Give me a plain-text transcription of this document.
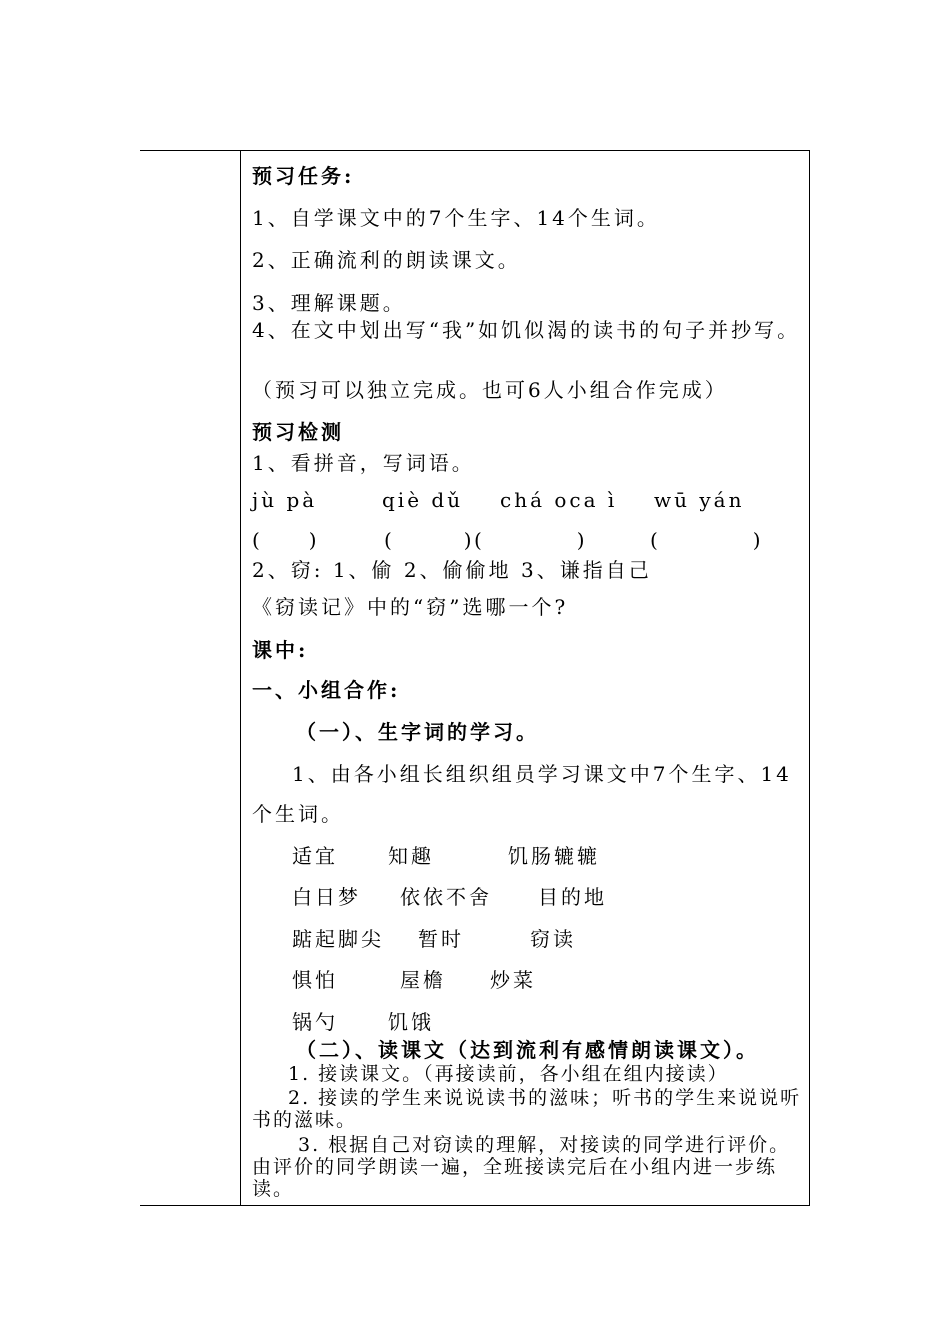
预习任务:
1、自学课文中的7个生字、14个生词。
2、正确流利的朗读课文。
3、理解课题。
4、在文中划出写“我”如饥似渴的读书的句子并抄写。
（预习可以独立完成。也可6人小组合作完成）
预习检测
1、看拼音，写词语。
jù pà	qiè dǔ chá oca ì wū yán
(　　)	(　　　) (　　　　)	(　　　　)
2、窃: 1、偷 2、偷偷地 3、谦指自己
《窃读记》中的“窃”选哪一个?
课中:
一、小组合作:
（一）、生字词的学习。
1、由各小组长组织组员学习课文中7个生字、14
个生词。
适宜	知趣	饥肠辘辘
白日梦 依依不舍 目的地
踮起脚尖 暂时	窃读
惧怕	屋檐 炒菜
锅勺	饥饿
（二）、读课文（达到流利有感情朗读课文）。
1. 接读课文。（再接读前，各小组在组内接读）
2. 接读的学生来说说读书的滋味；听书的学生来说说听书的滋味。
3. 根据自己对窃读的理解，对接读的同学进行评价。由评价的同学朗读一遍，全班接读完后在小组内进一步练读。
